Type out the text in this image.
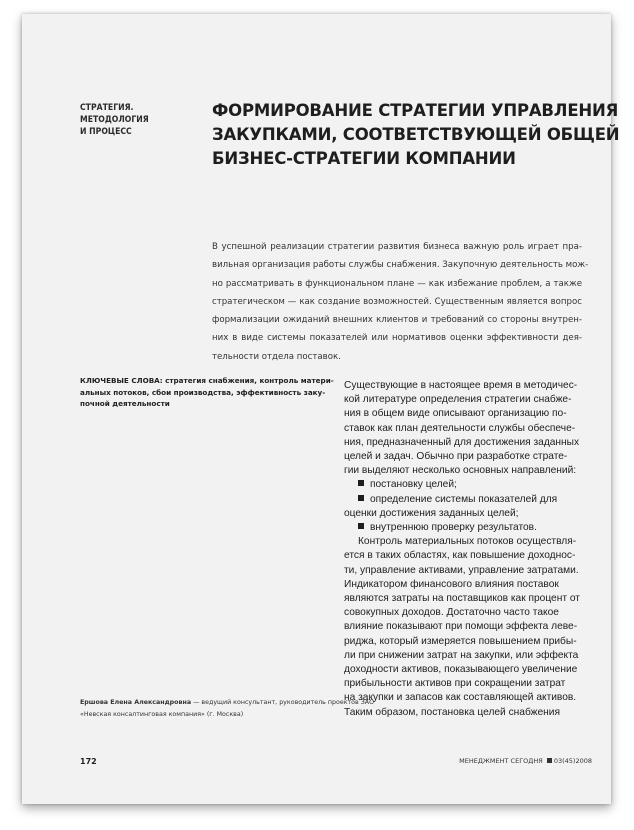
СТРАТЕГИЯ.
МЕТОДОЛОГИЯ
И ПРОЦЕСС
ФОРМИРОВАНИЕ СТРАТЕГИИ УПРАВЛЕНИЯ
ЗАКУПКАМИ, СООТВЕТСТВУЮЩЕЙ ОБЩЕЙ
БИЗНЕС-СТРАТЕГИИ КОМПАНИИ
В успешной реализации стратегии развития бизнеса важную роль играет пра-
вильная организация работы службы снабжения. Закупочную деятельность мож-
но рассматривать в функциональном плане — как избежание проблем, а также
стратегическом — как создание возможностей. Существенным является вопрос
формализации ожиданий внешних клиентов и требований со стороны внутрен-
них в виде системы показателей или нормативов оценки эффективности дея-
тельности отдела поставок.
КЛЮЧЕВЫЕ СЛОВА: стратегия снабжения, контроль матери-
альных потоков, сбои производства, эффективность заку-
почной деятельности
Существующие в настоящее время в методичес-
кой литературе определения стратегии снабже-
ния в общем виде описывают организацию по-
ставок как план деятельности службы обеспече-
ния, предназначенный для достижения заданных
целей и задач. Обычно при разработке страте-
гии выделяют несколько основных направлений:
постановку целей;
определение системы показателей для
оценки достижения заданных целей;
внутреннюю проверку результатов.
Контроль материальных потоков осуществля-
ется в таких областях, как повышение доходнос-
ти, управление активами, управление затратами.
Индикатором финансового влияния поставок
являются затраты на поставщиков как процент от
совокупных доходов. Достаточно часто такое
влияние показывают при помощи эффекта леве-
риджа, который измеряется повышением прибы-
ли при снижении затрат на закупки, или эффекта
доходности активов, показывающего увеличение
прибыльности активов при сокращении затрат
на закупки и запасов как составляющей активов.
Таким образом, постановка целей снабжения
Ершова Елена Александровна — ведущий консультант, руководитель проектов ЗАО
«Невская консалтинговая компания» (г. Москва)
172	МЕНЕДЖМЕНТ СЕГОДНЯ 03(45)2008
